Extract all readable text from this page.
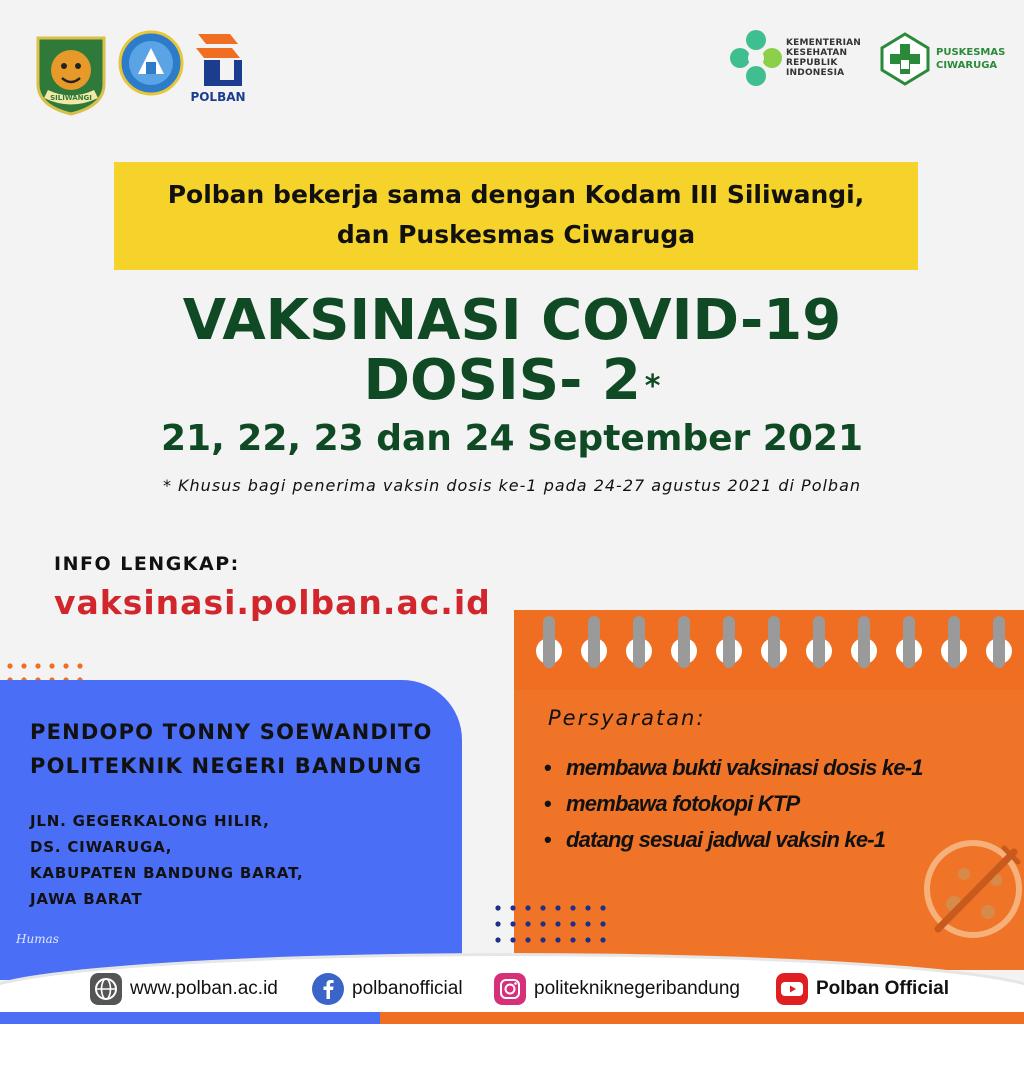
SILIWANGI	POLBAN
KEMENTERIAN
KESEHATAN
REPUBLIK
INDONESIA
PUSKESMAS
CIWARUGA
Polban bekerja sama dengan Kodam III Siliwangi,
dan Puskesmas Ciwaruga
VAKSINASI COVID-19
DOSIS- 2 *
21, 22, 23 dan 24 September 2021
* Khusus bagi penerima vaksin dosis ke-1 pada 24-27 agustus 2021 di Polban
INFO LENGKAP:
vaksinasi.polban.ac.id
PENDOPO TONNY SOEWANDITO
POLITEKNIK NEGERI BANDUNG
JLN. GEGERKALONG HILIR,
DS. CIWARUGA,
KABUPATEN BANDUNG BARAT,
JAWA BARAT
Humas
Persyaratan:
• membawa bukti vaksinasi dosis ke-1
• membawa fotokopi KTP
• datang sesuai jadwal vaksin ke-1
www.polban.ac.id	polbanofficial	politekniknegeribandung	Polban Official
